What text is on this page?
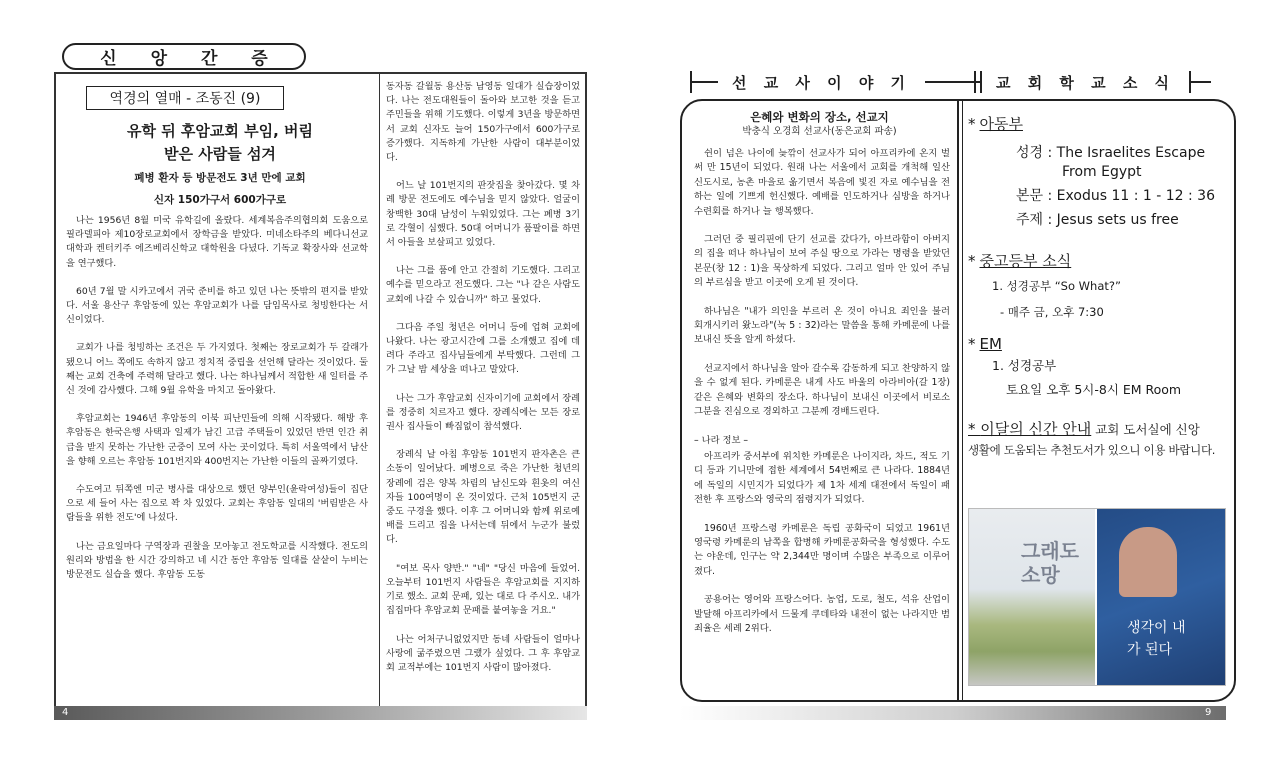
신 앙 간 증
역경의 열매 - 조동진 (9)
유학 뒤 후암교회 부임, 버림
받은 사람들 섬겨
폐병 환자 등 방문전도 3년 만에 교회
신자 150가구서 600가구로

나는 1956년 8월 미국 유학길에 올랐다. 세계복음주의협의회 도움으로 필라델피아 제10장로교회에서 장학금을 받았다. 미네소타주의 베다니선교대학과 켄터키주 에즈베리신학교 대학원을 다녔다. 기독교 확장사와 선교학을 연구했다.

60년 7월 말 시카고에서 귀국 준비를 하고 있던 나는 뜻밖의 편지를 받았다. 서울 용산구 후암동에 있는 후암교회가 나를 담임목사로 청빙한다는 서신이었다.

교회가 나를 청빙하는 조건은 두 가지였다. 첫째는 장로교회가 두 갈래가 됐으니 어느 쪽에도 속하지 않고 정치적 중립을 선언해 달라는 것이었다. 둘째는 교회 건축에 주력해 달라고 했다. 나는 하나님께서 적합한 새 일터를 주신 것에 감사했다. 그해 9월 유학을 마치고 돌아왔다.

후암교회는 1946년 후암동의 이북 피난민들에 의해 시작됐다. 해방 후 후암동은 한국은행 사택과 일제가 남긴 고급 주택들이 있었던 반면 인간 취급을 받지 못하는 가난한 군중이 모여 사는 곳이었다. 특히 서울역에서 남산을 향해 오르는 후암동 101번지와 400번지는 가난한 이들의 골짜기였다.

수도여고 뒤쪽엔 미군 병사를 대상으로 했던 양부인(윤락여성)들이 집단으로 세 들어 사는 집으로 꽉 차 있었다. 교회는 후암동 일대의 '버림받은 사람들을 위한 전도'에 나섰다.

나는 금요일마다 구역장과 권찰을 모아놓고 전도학교를 시작했다. 전도의 원리와 방법을 한 시간 강의하고 네 시간 동안 후암동 일대를 샅샅이 누비는 방문전도 실습을 했다. 후암동 도동

동자동 갈월동 용산동 남영동 일대가 실습장이었다. 나는 전도대원들이 돌아와 보고한 것을 듣고 주민들을 위해 기도했다. 이렇게 3년을 방문하면서 교회 신자도 늘어 150가구에서 600가구로 증가했다. 지독하게 가난한 사람이 대부분이었다.

어느 날 101번지의 판잣집을 찾아갔다. 몇 차례 방문 전도에도 예수님을 믿지 않았다. 얼굴이 창백한 30대 남성이 누워있었다. 그는 폐병 3기로 각혈이 심했다. 50대 어머니가 품팔이를 하면서 아들을 보살피고 있었다.

나는 그를 품에 안고 간절히 기도했다. 그리고 예수를 믿으라고 전도했다. 그는 "나 같은 사람도 교회에 나갈 수 있습니까" 하고 물었다.

그다음 주일 청년은 어머니 등에 업혀 교회에 나왔다. 나는 광고시간에 그를 소개했고 집에 데려다 주라고 집사님들에게 부탁했다. 그런데 그가 그날 밤 세상을 떠나고 말았다.

나는 그가 후암교회 신자이기에 교회에서 장례를 정중히 치르자고 했다. 장례식에는 모든 장로 권사 집사들이 빠짐없이 참석했다.

장례식 날 아침 후암동 101번지 판자촌은 큰 소동이 일어났다. 폐병으로 죽은 가난한 청년의 장례에 검은 양복 차림의 남신도와 흰옷의 여신자들 100여명이 온 것이었다. 근처 105번지 군중도 구경을 했다. 이후 그 어머니와 함께 위로예배를 드리고 집을 나서는데 뒤에서 누군가 불렀다.

"여보 목사 양반." "네" "당신 마음에 들었어. 오늘부터 101번지 사람들은 후암교회를 지지하기로 했소. 교회 문패, 있는 대로 다 주시오. 내가 집집마다 후암교회 문패를 붙여놓을 거요."

나는 어처구니없었지만 동네 사람들이 얼마나 사랑에 굶주렸으면 그랬가 싶었다. 그 후 후암교회 교적부에는 101번지 사람이 많아졌다.

4
선 교 사 이 야 기	교 회 학 교 소 식
은혜와 변화의 장소, 선교지
박충식 오경희 선교사(동은교회 파송)

쉰이 넘은 나이에 늦깎이 선교사가 되어 아프리카에 온지 벌써 만 15년이 되었다. 원래 나는 서울에서 교회를 개척해 일산 신도시로, 농촌 마을로 옮기면서 복음에 빛진 자로 예수님을 전하는 일에 기쁘게 헌신했다. 예배를 인도하거나 심방을 하거나 수련회를 하거나 늘 행복했다.

그러던 중 필리핀에 단기 선교를 갔다가, 아브라함이 아버지의 집을 떠나 하나님이 보여 주실 땅으로 가라는 명령을 받았던 본문(창 12 : 1)을 묵상하게 되었다. 그리고 얼마 안 있어 주님의 부르심을 받고 이곳에 오게 된 것이다.

하나님은 "내가 의인을 부르러 온 것이 아니요 죄인을 불러 회개시키러 왔노라"(눅 5 : 32)라는 말씀을 통해 카메룬에 나를 보내신 뜻을 알게 하셨다.

선교지에서 하나님을 알아 갈수록 감동하게 되고 찬양하지 않을 수 없게 된다. 카메룬은 내게 사도 바울의 아라비아(갈 1장) 같은 은혜와 변화의 장소다. 하나님이 보내신 이곳에서 비로소 그분을 진심으로 경외하고 그분께 경배드린다.

– 나라 정보 –

아프리카 중서부에 위치한 카메룬은 나이지라, 차드, 적도 기디 등과 기니만에 접한 세계에서 54번째로 큰 나라다. 1884년에 독일의 시민지가 되었다가 제 1차 세계 대전에서 독일이 패전한 후 프랑스와 영국의 점령지가 되었다.

1960년 프랑스령 카메룬은 독립 공화국이 되었고 1961년 영국령 카메룬의 남쪽을 합병해 카메룬공화국을 형성했다. 수도는 야운데, 인구는 약 2,344만 명이며 수많은 부족으로 이루어졌다.

공용어는 영어와 프랑스어다. 농업, 도로, 철도, 석유 산업이 발달해 아프리카에서 드물게 쿠데타와 내전이 없는 나라지만 범죄율은 세례 2위다.

* 아동부
성경 : The Israelites Escape
From Egypt
본문 : Exodus 11 : 1 - 12 : 36
주제 : Jesus sets us free
* 중고등부 소식
1. 성경공부 “So What?”
- 매주 금, 오후 7:30
* EM
1. 성경공부
토요일 오후 5시-8시 EM Room
* 이달의 신간 안내 교회 도서실에 신앙
생활에 도움되는 추천도서가 있으니 이용 바랍니다.
그래도 소망
생각이 내가 된다
9
